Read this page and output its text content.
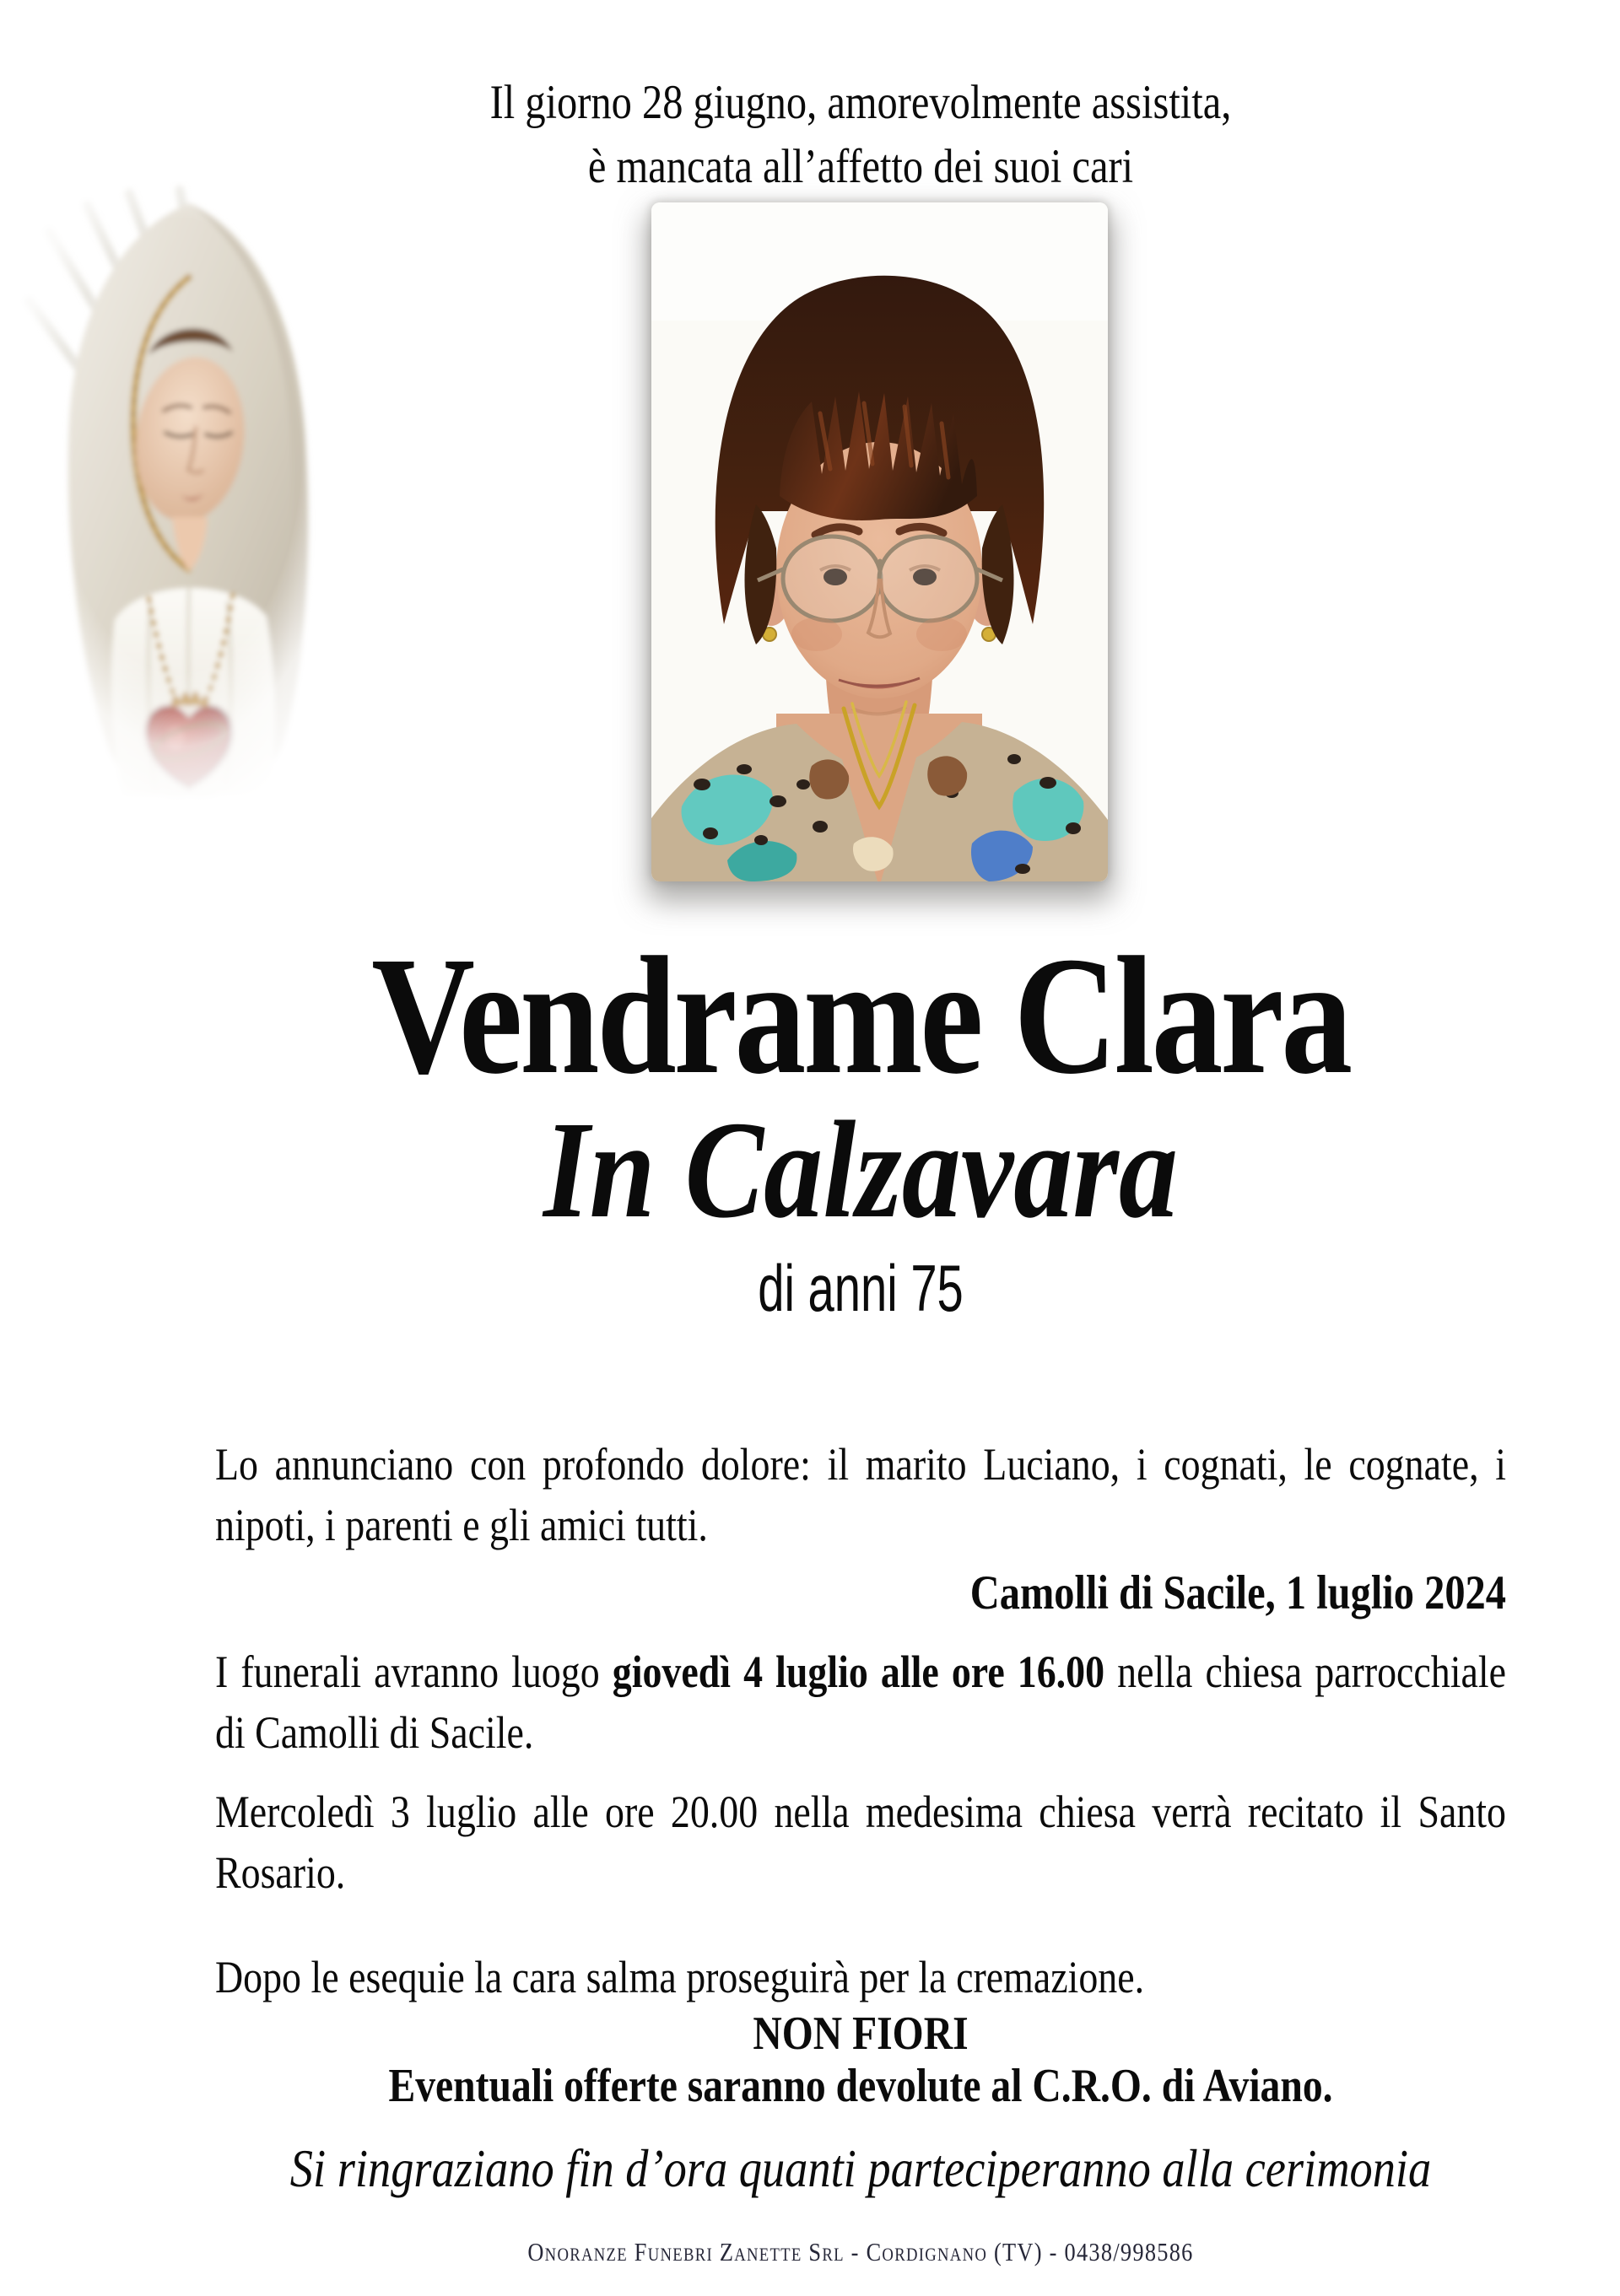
Il giorno 28 giugno, amorevolmente assistita,
è mancata all’affetto dei suoi cari
Vendrame Clara
In Calzavara
di anni 75

Lo annunciano con profondo dolore: il marito Luciano, i cognati, le cognate, i nipoti, i parenti e gli amici tutti.

Camolli di Sacile, 1 luglio 2024

I funerali avranno luogo giovedì 4 luglio alle ore 16.00 nella chiesa parrocchiale di Camolli di Sacile.

Mercoledì 3 luglio alle ore 20.00 nella medesima chiesa verrà recitato il Santo Rosario.

Dopo le esequie la cara salma proseguirà per la cremazione.

NON FIORI
Eventuali offerte saranno devolute al C.R.O. di Aviano.

Si ringraziano fin d’ora quanti parteciperanno alla cerimonia

Onoranze Funebri Zanette Srl - Cordignano (TV) - 0438/998586
